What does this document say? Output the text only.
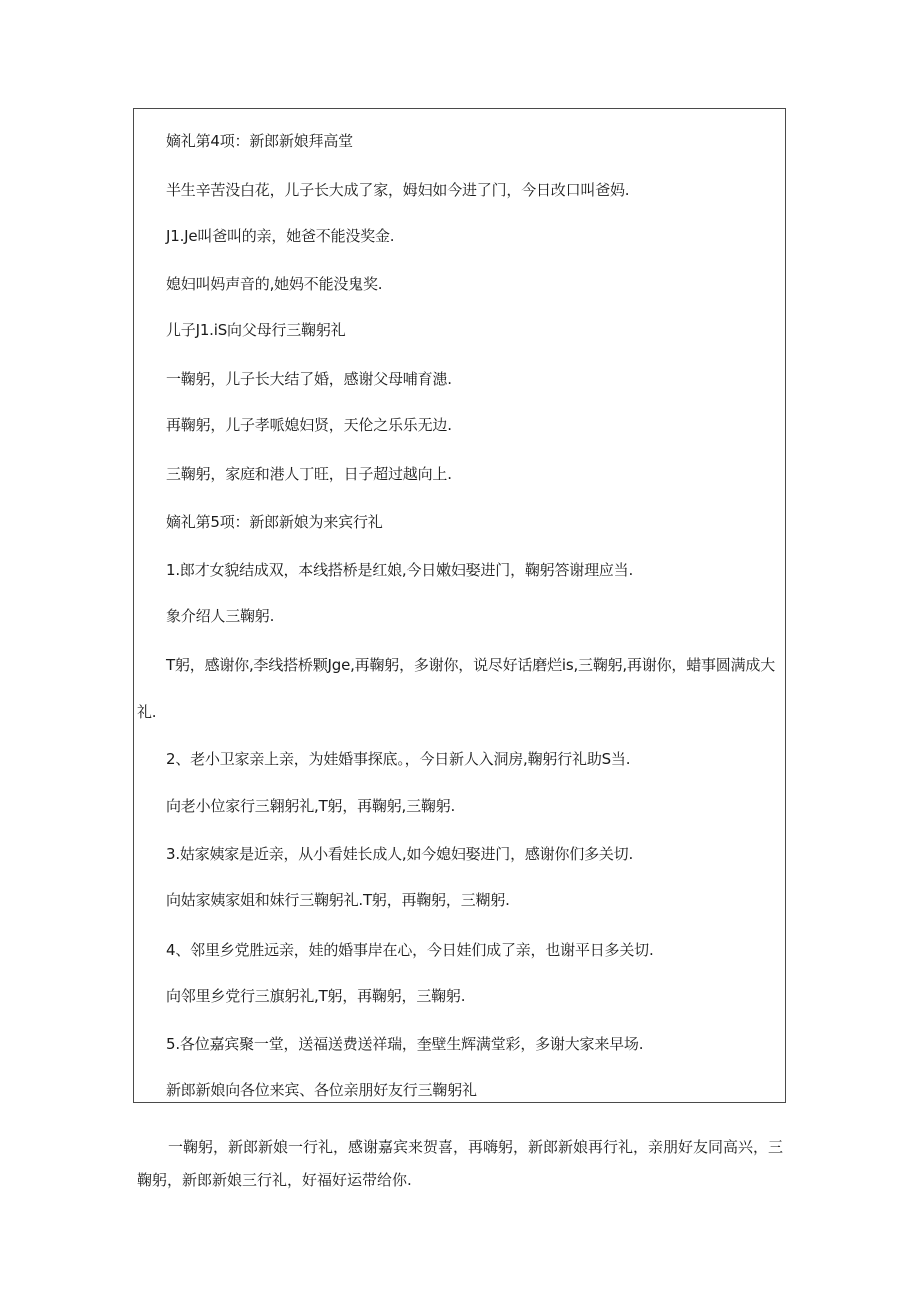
嫡礼第4项：新郎新娘拜高堂
半生辛苦没白花，儿子长大成了家，姆妇如今进了门，今日改口叫爸妈.
J1.Je叫爸叫的亲，她爸不能没奖金.
媳妇叫妈声音的,她妈不能没鬼奖.
儿子J1.iS向父母行三鞠躬礼
一鞠躬，儿子长大结了婚，感谢父母哺育漶.
再鞠躬，儿子孝哌媳妇贤，天伦之乐乐无边.
三鞠躬，家庭和港人丁旺，日子超过越向上.
嫡礼第5项：新郎新娘为来宾行礼
1.郎才女貌结成双，本线搭桥是红娘,今日嫩妇娶进门，鞠躬答谢理应当.
象介绍人三鞠躬.
T躬，感谢你,李线搭桥颗Jge,再鞠躬，多谢你，说尽好话磨烂is,三鞠躬,再谢你，蜡事圆满成大
礼.
2、老小卫家亲上亲，为娃婚事探底。，今日新人入洞房,鞠躬行礼助S当.
向老小位家行三翱躬礼,T躬，再鞠躬,三鞠躬.
3.姑家姨家是近亲，从小看娃长成人,如今媳妇娶进门，感谢你们多关切.
向姑家姨家姐和妹行三鞠躬礼.T躬，再鞠躬，三糊躬.
4、邻里乡党胜远亲，娃的婚事岸在心，今日娃们成了亲，也谢平日多关切.
向邻里乡党行三旗躬礼,T躬，再鞠躬，三鞠躬.
5.各位嘉宾聚一堂，送福送费送祥瑞，奎壁生辉满堂彩，多谢大家来早场.
新郎新娘向各位来宾、各位亲朋好友行三鞠躬礼
一鞠躬，新郎新娘一行礼，感谢嘉宾来贺喜，再嗨躬，新郎新娘再行礼，亲朋好友同高兴，三鞠躬，新郎新娘三行礼，好福好运带给你.
